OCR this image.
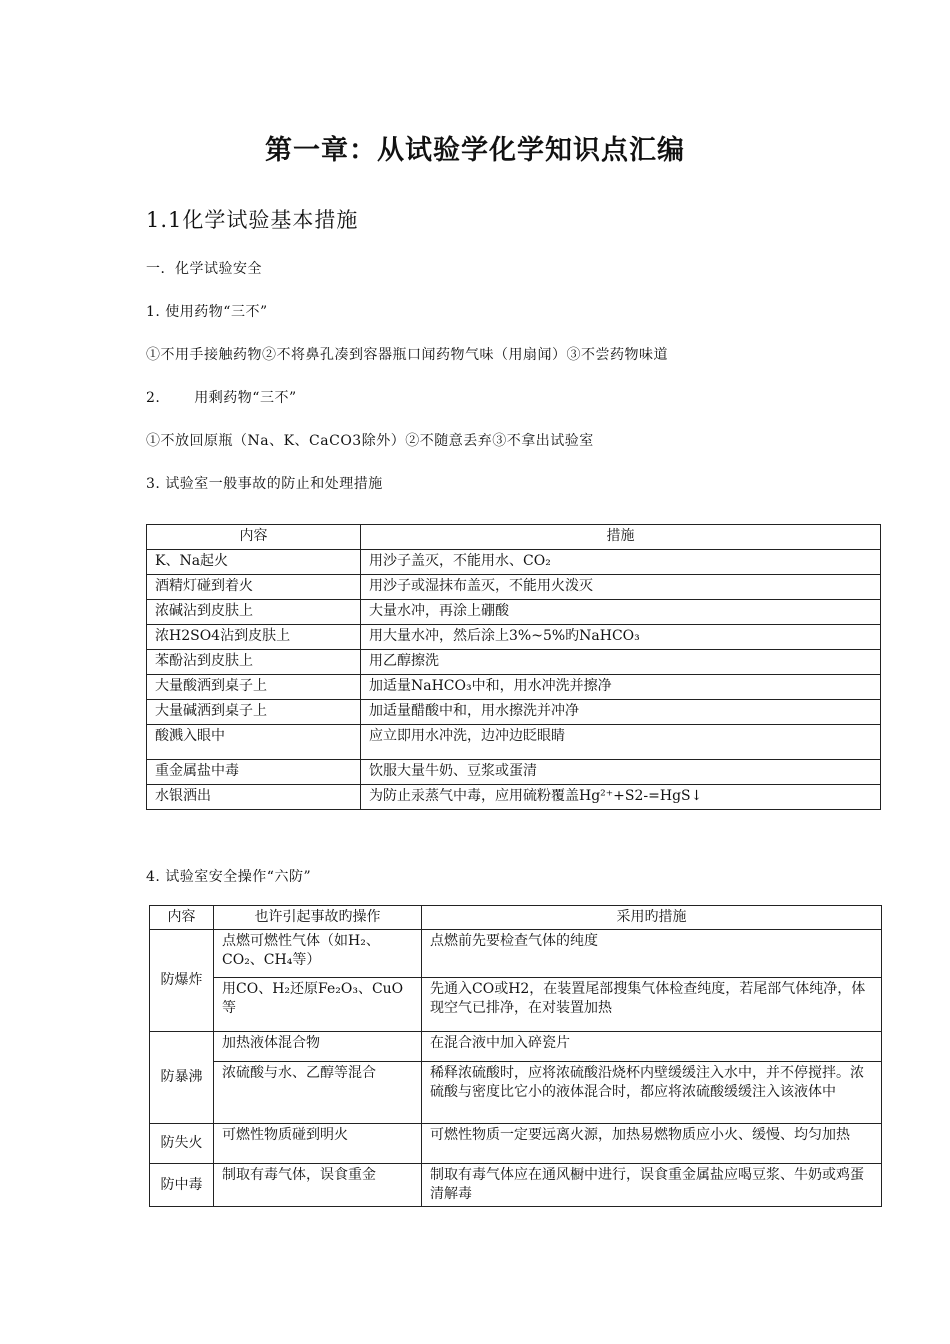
第一章：从试验学化学知识点汇编
1.1化学试验基本措施

一．化学试验安全

1. 使用药物“三不”

①不用手接触药物②不将鼻孔凑到容器瓶口闻药物气味（用扇闻）③不尝药物味道

2.　　 用剩药物“三不”

①不放回原瓶（Na、K、CaCO3除外）②不随意丢弃③不拿出试验室

3. 试验室一般事故的防止和处理措施

内容	措施
K、Na起火	用沙子盖灭，不能用水、CO₂
酒精灯碰到着火	用沙子或湿抹布盖灭，不能用火泼灭
浓碱沾到皮肤上	大量水冲，再涂上硼酸
浓H2SO4沾到皮肤上	用大量水冲，然后涂上3%~5%旳NaHCO₃
苯酚沾到皮肤上	用乙醇擦洗
大量酸洒到桌子上	加适量NaHCO₃中和，用水冲洗并擦净
大量碱洒到桌子上	加适量醋酸中和，用水擦洗并冲净
酸溅入眼中	应立即用水冲洗，边冲边眨眼睛
重金属盐中毒	饮服大量牛奶、豆浆或蛋清
水银洒出	为防止汞蒸气中毒，应用硫粉覆盖Hg²⁺+S2-=HgS↓

4. 试验室安全操作“六防”

内容	也许引起事故旳操作	采用旳措施
防爆炸	点燃可燃性气体（如H₂、CO₂、CH₄等）	点燃前先要检查气体的纯度
	用CO、H₂还原Fe₂O₃、CuO等	先通入CO或H2，在装置尾部搜集气体检查纯度，若尾部气体纯净，体现空气已排净，在对装置加热
防暴沸	加热液体混合物	在混合液中加入碎瓷片
	浓硫酸与水、乙醇等混合	稀释浓硫酸时，应将浓硫酸沿烧杯内壁缓缓注入水中，并不停搅拌。浓硫酸与密度比它小的液体混合时，都应将浓硫酸缓缓注入该液体中
防失火	可燃性物质碰到明火	可燃性物质一定要远离火源，加热易燃物质应小火、缓慢、均匀加热
防中毒	制取有毒气体，误食重金	制取有毒气体应在通风橱中进行，误食重金属盐应喝豆浆、牛奶或鸡蛋清解毒
